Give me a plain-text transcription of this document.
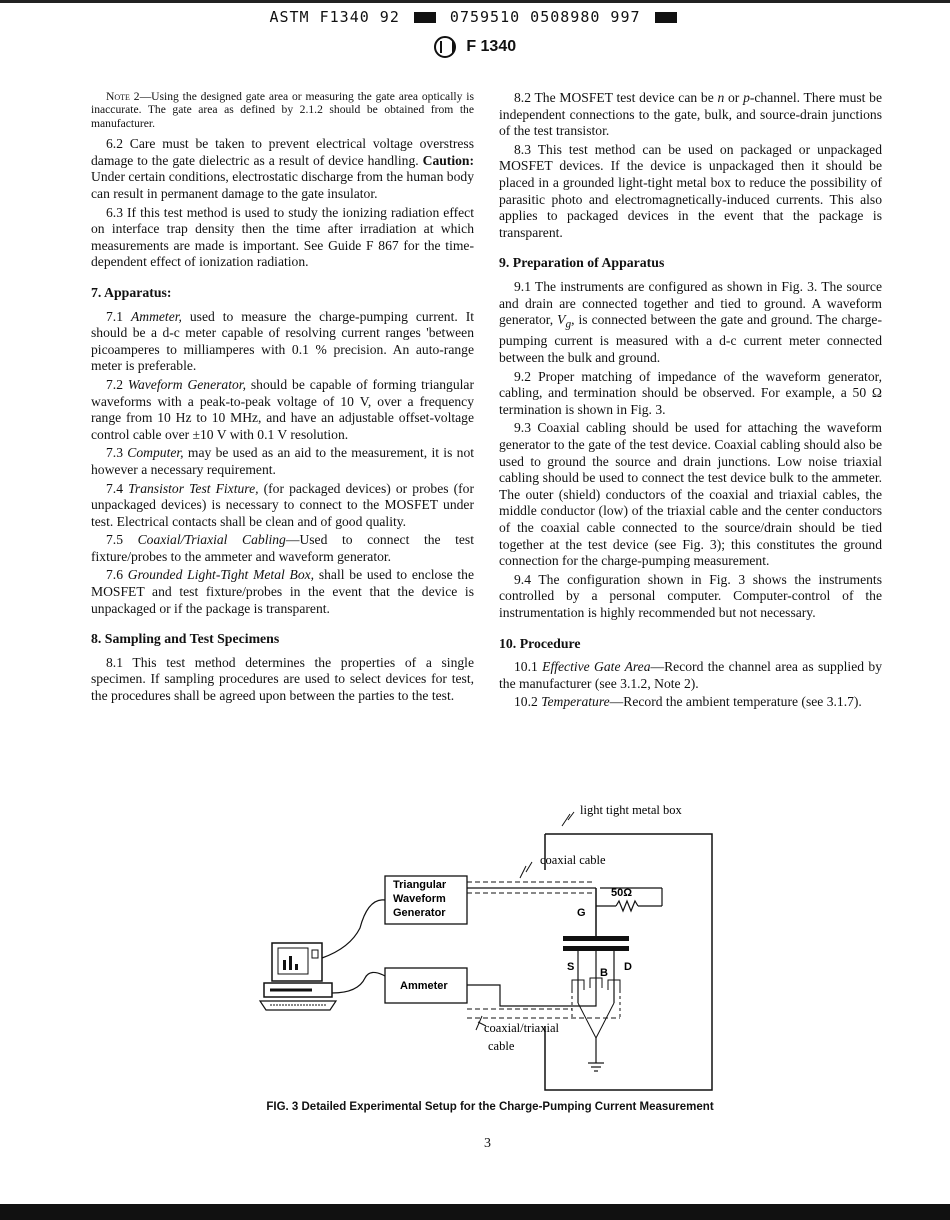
ASTM F1340 92	0759510 0508980 997
F 1340

Note 2—Using the designed gate area or measuring the gate area optically is inaccurate. The gate area as defined by 2.1.2 should be obtained from the manufacturer.

6.2 Care must be taken to prevent electrical voltage overstress damage to the gate dielectric as a result of device handling. Caution: Under certain conditions, electrostatic discharge from the human body can result in permanent damage to the gate insulator.

6.3 If this test method is used to study the ionizing radiation effect on interface trap density then the time after irradiation at which measurements are made is important. See Guide F 867 for the time-dependent effect of ionization radiation.

7. Apparatus:

7.1 Ammeter, used to measure the charge-pumping current. It should be a d-c meter capable of resolving current ranges 'between picoamperes to milliamperes with 0.1 % precision. An auto-range meter is preferable.

7.2 Waveform Generator, should be capable of forming triangular waveforms with a peak-to-peak voltage of 10 V, over a frequency range from 10 Hz to 10 MHz, and have an adjustable offset-voltage control cable over ±10 V with 0.1 V resolution.

7.3 Computer, may be used as an aid to the measurement, it is not however a necessary requirement.

7.4 Transistor Test Fixture, (for packaged devices) or probes (for unpackaged devices) is necessary to connect to the MOSFET under test. Electrical contacts shall be clean and of good quality.

7.5 Coaxial/Triaxial Cabling—Used to connect the test fixture/probes to the ammeter and waveform generator.

7.6 Grounded Light-Tight Metal Box, shall be used to enclose the MOSFET and test fixture/probes in the event that the device is unpackaged or if the package is transparent.

8. Sampling and Test Specimens

8.1 This test method determines the properties of a single specimen. If sampling procedures are used to select devices for test, the procedures shall be agreed upon between the parties to the test.

8.2 The MOSFET test device can be n or p-channel. There must be independent connections to the gate, bulk, and source-drain junctions of the test transistor.

8.3 This test method can be used on packaged or unpackaged MOSFET devices. If the device is unpackaged then it should be placed in a grounded light-tight metal box to reduce the possibility of parasitic photo and electromagnetically-induced currents. This also applies to packaged devices in the event that the package is transparent.

9. Preparation of Apparatus

9.1 The instruments are configured as shown in Fig. 3. The source and drain are connected together and tied to ground. A waveform generator, $V_g$, is connected between the gate and ground. The charge-pumping current is measured with a d-c current meter connected between the bulk and ground.

9.2 Proper matching of impedance of the waveform generator, cabling, and termination should be observed. For example, a 50 Ω termination is shown in Fig. 3.

9.3 Coaxial cabling should be used for attaching the waveform generator to the gate of the test device. Coaxial cabling should also be used to ground the source and drain junctions. Low noise triaxial cabling should be used to connect the test device bulk to the ammeter. The outer (shield) conductors of the coaxial and triaxial cables, the middle conductor (low) of the triaxial cable and the center conductors of the coaxial cable connected to the source/drain should be tied together at the test device (see Fig. 3); this constitutes the ground connection for the charge-pumping measurement.

9.4 The configuration shown in Fig. 3 shows the instruments controlled by a personal computer. Computer-control of the instrumentation is highly recommended but not necessary.

10. Procedure

10.1 Effective Gate Area—Record the channel area as supplied by the manufacturer (see 3.1.2, Note 2).

10.2 Temperature—Record the ambient temperature (see 3.1.7).

light tight metal box
Triangular
Waveform
Generator
coaxial cable
G
50Ω
S B D
Ammeter
coaxial/triaxial
cable
FIG. 3 Detailed Experimental Setup for the Charge-Pumping Current Measurement
3
